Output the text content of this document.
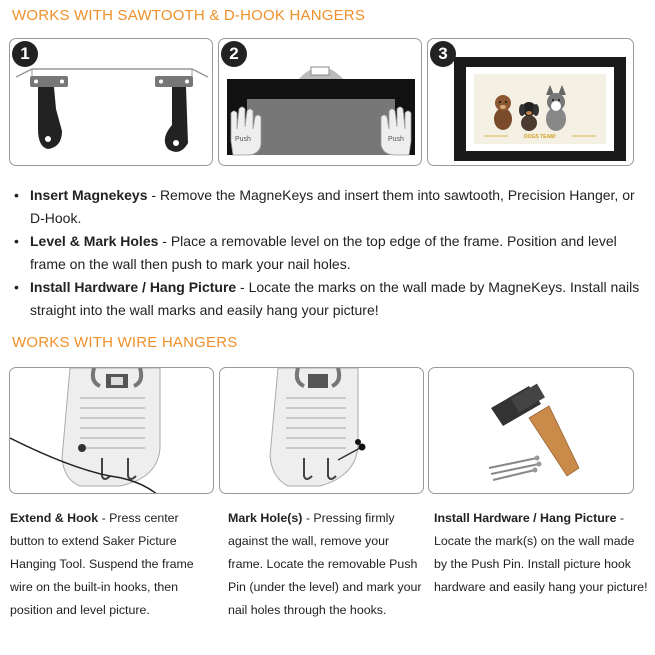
WORKS WITH SAWTOOTH & D-HOOK HANGERS
1
Push	Push
2
DOGS TEAM!
3
• Insert Magnekeys - Remove the MagneKeys and insert them into sawtooth, Precision Hanger, or D-Hook.
• Level & Mark Holes - Place a removable level on the top edge of the frame. Position and level frame on the wall then push to mark your nail holes.
• Install Hardware / Hang Picture - Locate the marks on the wall made by MagneKeys. Install nails straight into the wall marks and easily hang your picture!
WORKS WITH WIRE HANGERS
Extend & Hook - Press center button to extend Saker Picture Hanging Tool. Suspend the frame wire on the built-in hooks, then position and level picture.
Mark Hole(s) - Pressing firmly against the wall, remove your frame. Locate the removable Push Pin (under the level) and mark your nail holes through the hooks.
Install Hardware / Hang Picture - Locate the mark(s) on the wall made by the Push Pin. Install picture hook hardware and easily hang your picture!
